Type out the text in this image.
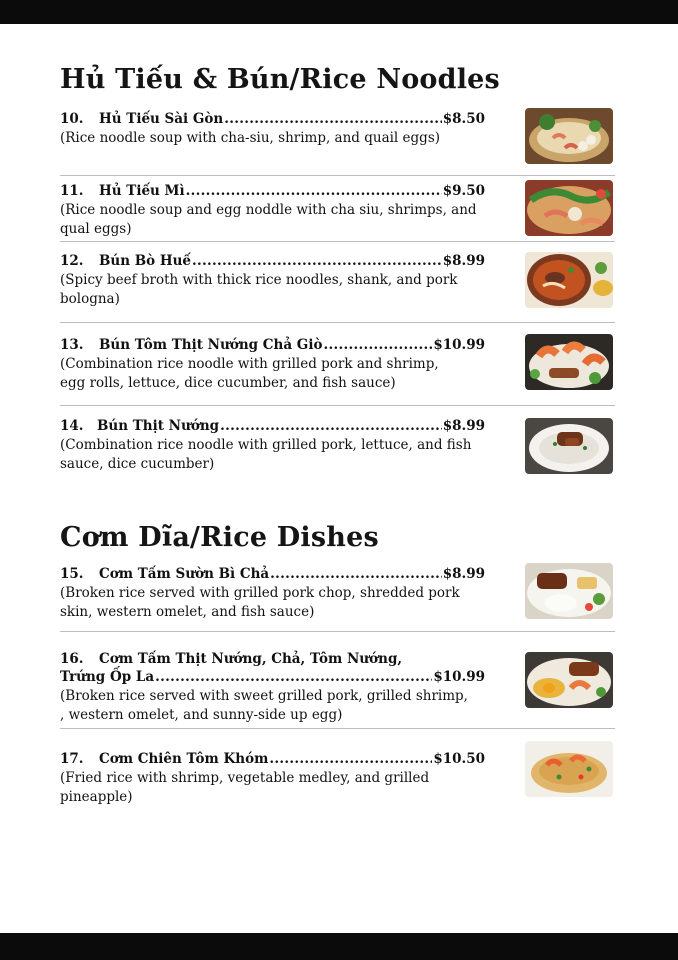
Hủ Tiếu & Bún/Rice Noodles
10.	Hủ Tiếu Sài Gòn .....	$8.50
(Rice noodle soup with cha-siu, shrimp, and quail eggs)
11.	Hủ Tiếu Mì .....	$9.50
(Rice noodle soup and egg noddle with cha siu, shrimps, and
qual eggs)
12.	Bún Bò Huế .....	$8.99
(Spicy beef broth with thick rice noodles, shank, and pork
bologna)
13.	Bún Tôm Thịt Nướng Chả Giò .....	$10.99
(Combination rice noodle with grilled pork and shrimp,
egg rolls, lettuce, dice cucumber, and fish sauce)
14.	Bún Thịt Nướng .....	$8.99
(Combination rice noodle with grilled pork, lettuce, and fish
sauce, dice cucumber)
Cơm Dĩa/Rice Dishes
15.	Cơm Tấm Sườn Bì Chả .....	$8.99
(Broken rice served with grilled pork chop, shredded pork
skin, western omelet, and fish sauce)
16.	Cơm Tấm Thịt Nướng, Chả, Tôm Nướng,
Trứng Ốp La .....	$10.99
(Broken rice served with sweet grilled pork, grilled shrimp,
, western omelet, and sunny-side up egg)
17.	Cơm Chiên Tôm Khóm .....	$10.50
(Fried rice with shrimp, vegetable medley, and grilled
pineapple)
